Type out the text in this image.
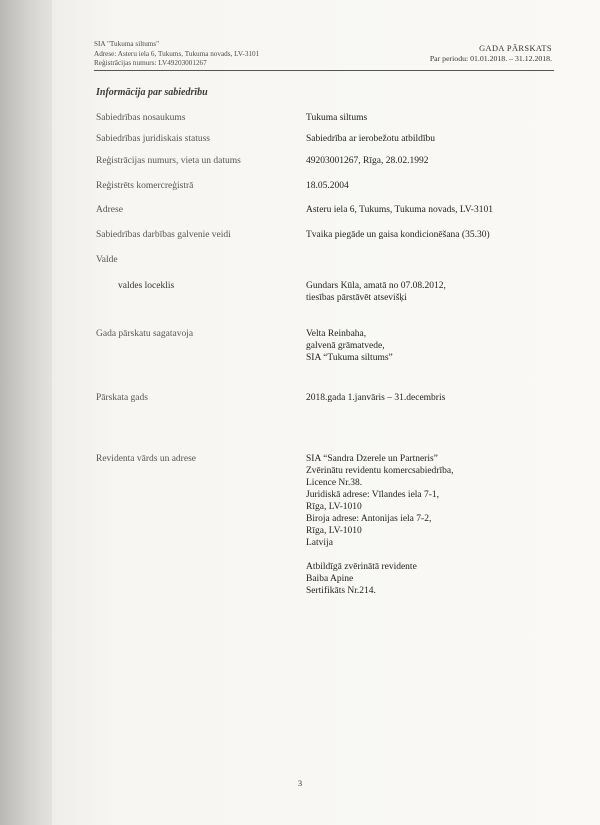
SIA "Tukuma siltums"
Adrese: Asteru iela 6, Tukums, Tukuma novads, LV-3101
Reģistrācijas numurs: LV49203001267
GADA PĀRSKATS
Par periodu: 01.01.2018. – 31.12.2018.
Informācija par sabiedrību
Sabiedrības nosaukums	Tukuma siltums
Sabiedrības juridiskais statuss	Sabiedrība ar ierobežotu atbildību
Reģistrācijas numurs, vieta un datums	49203001267, Rīga, 28.02.1992
Reģistrēts komercreģistrā	18.05.2004
Adrese	Asteru iela 6, Tukums, Tukuma novads, LV-3101
Sabiedrības darbības galvenie veidi	Tvaika piegāde un gaisa kondicionēšana (35.30)
Valde
valdes loceklis	Gundars Kūla, amatā no 07.08.2012,
tiesības pārstāvēt atsevišķi
Gada pārskatu sagatavoja	Velta Reinbaha,
galvenā grāmatvede,
SIA “Tukuma siltums”
Pārskata gads	2018.gada 1.janvāris – 31.decembris
Revidenta vārds un adrese	SIA “Sandra Dzerele un Partneris”
Zvērinātu revidentu komercsabiedrība,
Licence Nr.38.
Juridiskā adrese: Vīlandes iela 7-1,
Rīga, LV-1010
Biroja adrese: Antonijas iela 7-2,
Rīga, LV-1010
Latvija

Atbildīgā zvērinātā revidente
Baiba Apine
Sertifikāts Nr.214.
3
